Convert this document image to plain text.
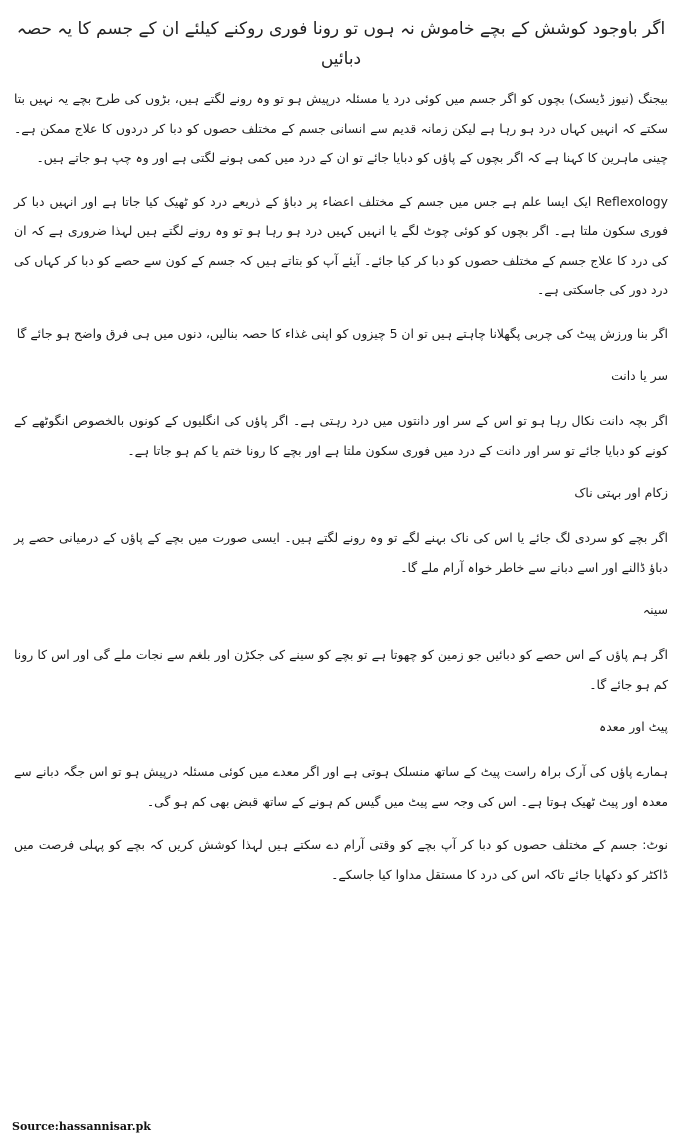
اگر باوجود کوشش کے بچے خاموش نہ ہوں تو رونا فوری روکنے کیلئے ان کے جسم کا یہ حصہ دبائیں

بیجنگ (نیوز ڈیسک) بچوں کو اگر جسم میں کوئی درد یا مسئلہ درپیش ہو تو وہ رونے لگتے ہیں، بڑوں کی طرح بچے یہ نہیں بتا سکتے کہ انہیں کہاں درد ہو رہا ہے لیکن زمانہ قدیم سے انسانی جسم کے مختلف حصوں کو دبا کر دردوں کا علاج ممکن ہے۔ چینی ماہرین کا کہنا ہے کہ اگر بچوں کے پاؤں کو دبایا جائے تو ان کے درد میں کمی ہونے لگتی ہے اور وہ چپ ہو جاتے ہیں۔

Reflexology ایک ایسا علم ہے جس میں جسم کے مختلف اعضاء پر دباؤ کے ذریعے درد کو ٹھیک کیا جاتا ہے اور انہیں دبا کر فوری سکون ملتا ہے۔ اگر بچوں کو کوئی چوٹ لگے یا انہیں کہیں درد ہو رہا ہو تو وہ رونے لگتے ہیں لہذا ضروری ہے کہ ان کی درد کا علاج جسم کے مختلف حصوں کو دبا کر کیا جائے۔ آیئے آپ کو بتاتے ہیں کہ جسم کے کون سے حصے کو دبا کر کہاں کی درد دور کی جاسکتی ہے۔

اگر بنا ورزش پیٹ کی چربی پگھلانا چاہتے ہیں تو ان 5 چیزوں کو اپنی غذاء کا حصہ بنالیں، دنوں میں ہی فرق واضح ہو جائے گا

سر یا دانت

اگر بچہ دانت نکال رہا ہو تو اس کے سر اور دانتوں میں درد رہتی ہے۔ اگر پاؤں کی انگلیوں کے کونوں بالخصوص انگوٹھے کے کونے کو دبایا جائے تو سر اور دانت کے درد میں فوری سکون ملتا ہے اور بچے کا رونا ختم یا کم ہو جاتا ہے۔

زکام اور بہتی ناک

اگر بچے کو سردی لگ جائے یا اس کی ناک بہنے لگے تو وہ رونے لگتے ہیں۔ ایسی صورت میں بچے کے پاؤں کے درمیانی حصے پر دباؤ ڈالنے اور اسے دبانے سے خاطر خواہ آرام ملے گا۔

سینہ

اگر ہم پاؤں کے اس حصے کو دبائیں جو زمین کو چھوتا ہے تو بچے کو سینے کی جکڑن اور بلغم سے نجات ملے گی اور اس کا رونا کم ہو جائے گا۔

پیٹ اور معدہ

ہمارے پاؤں کی آرک براہ راست پیٹ کے ساتھ منسلک ہوتی ہے اور اگر معدے میں کوئی مسئلہ درپیش ہو تو اس جگہ دبانے سے معدہ اور پیٹ ٹھیک ہوتا ہے۔ اس کی وجہ سے پیٹ میں گیس کم ہونے کے ساتھ قبض بھی کم ہو گی۔

نوٹ: جسم کے مختلف حصوں کو دبا کر آپ بچے کو وقتی آرام دے سکتے ہیں لہذا کوشش کریں کہ بچے کو پہلی فرصت میں ڈاکٹر کو دکھایا جائے تاکہ اس کی درد کا مستقل مداوا کیا جاسکے۔

Source:hassannisar.pk
